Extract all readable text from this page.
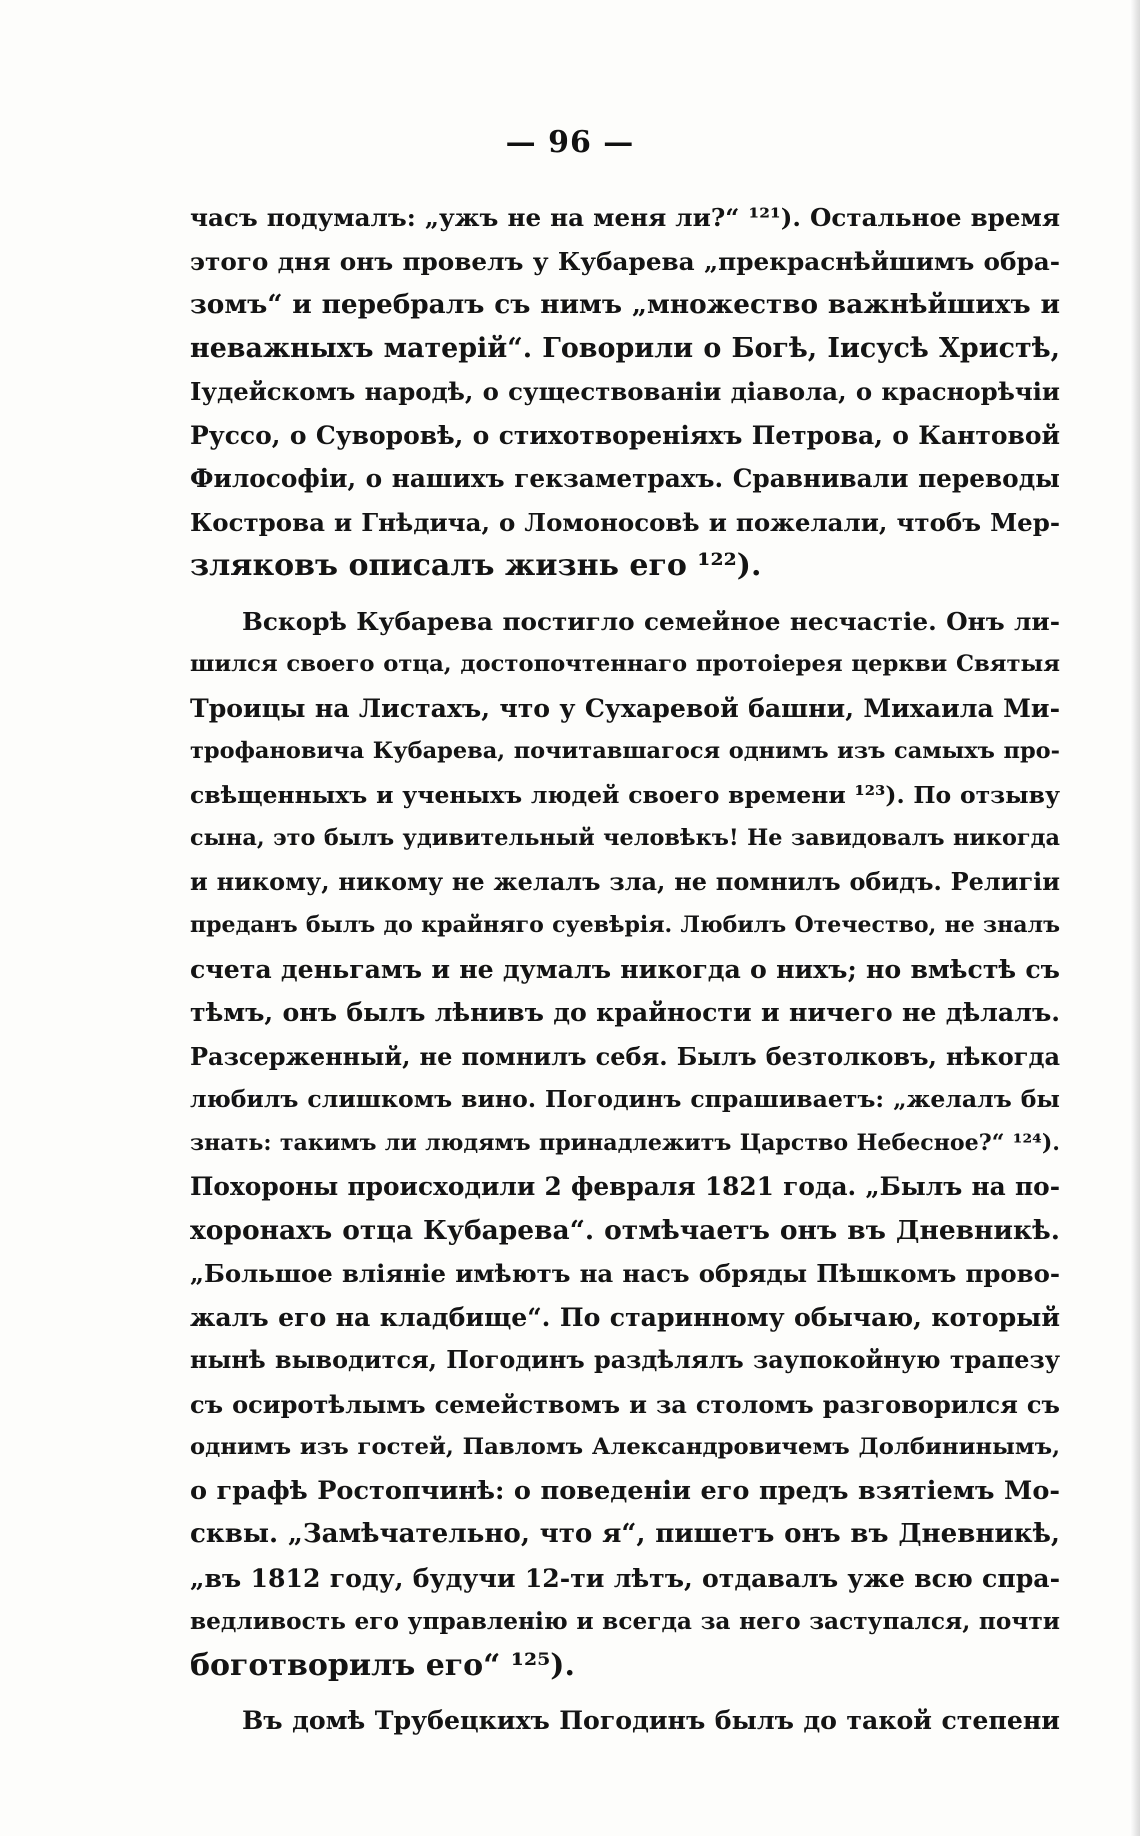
— 96 —
часъ подумалъ: „ужъ не на меня ли?“ ¹²¹). Остальное время
этого дня онъ провелъ у Кубарева „прекраснѣйшимъ обра-
зомъ“ и перебралъ съ нимъ „множество важнѣйшихъ и
неважныхъ матерій“. Говорили о Богѣ, Іисусѣ Христѣ,
Іудейскомъ народѣ, о существованіи діавола, о краснорѣчіи
Руссо, о Суворовѣ, о стихотвореніяхъ Петрова, о Кантовой
Философіи, о нашихъ гекзаметрахъ. Сравнивали переводы
Кострова и Гнѣдича, о Ломоносовѣ и пожелали, чтобъ Мер-
зляковъ описалъ жизнь его ¹²²).
Вскорѣ Кубарева постигло семейное несчастіе. Онъ ли-
шился своего отца, достопочтеннаго протоіерея церкви Святыя
Троицы на Листахъ, что у Сухаревой башни, Михаила Ми-
трофановича Кубарева, почитавшагося однимъ изъ самыхъ про-
свѣщенныхъ и ученыхъ людей своего времени ¹²³). По отзыву
сына, это былъ удивительный человѣкъ! Не завидовалъ никогда
и никому, никому не желалъ зла, не помнилъ обидъ. Религіи
преданъ былъ до крайняго суевѣрія. Любилъ Отечество, не зналъ
счета деньгамъ и не думалъ никогда о нихъ; но вмѣстѣ съ
тѣмъ, онъ былъ лѣнивъ до крайности и ничего не дѣлалъ.
Разсерженный, не помнилъ себя. Былъ безтолковъ, нѣкогда
любилъ слишкомъ вино. Погодинъ спрашиваетъ: „желалъ бы
знать: такимъ ли людямъ принадлежитъ Царство Небесное?“ ¹²⁴).
Похороны происходили 2 февраля 1821 года. „Былъ на по-
хоронахъ отца Кубарева“. отмѣчаетъ онъ въ Дневникѣ.
„Большое вліяніе имѣютъ на насъ обряды Пѣшкомъ прово-
жалъ его на кладбище“. По старинному обычаю, который
нынѣ выводится, Погодинъ раздѣлялъ заупокойную трапезу
съ осиротѣлымъ семействомъ и за столомъ разговорился съ
однимъ изъ гостей, Павломъ Александровичемъ Долбининымъ,
о графѣ Ростопчинѣ: о поведеніи его предъ взятіемъ Мо-
сквы. „Замѣчательно, что я“, пишетъ онъ въ Дневникѣ,
„въ 1812 году, будучи 12-ти лѣтъ, отдавалъ уже всю спра-
ведливость его управленію и всегда за него заступался, почти
боготворилъ его“ ¹²⁵).
Въ домѣ Трубецкихъ Погодинъ былъ до такой степени
